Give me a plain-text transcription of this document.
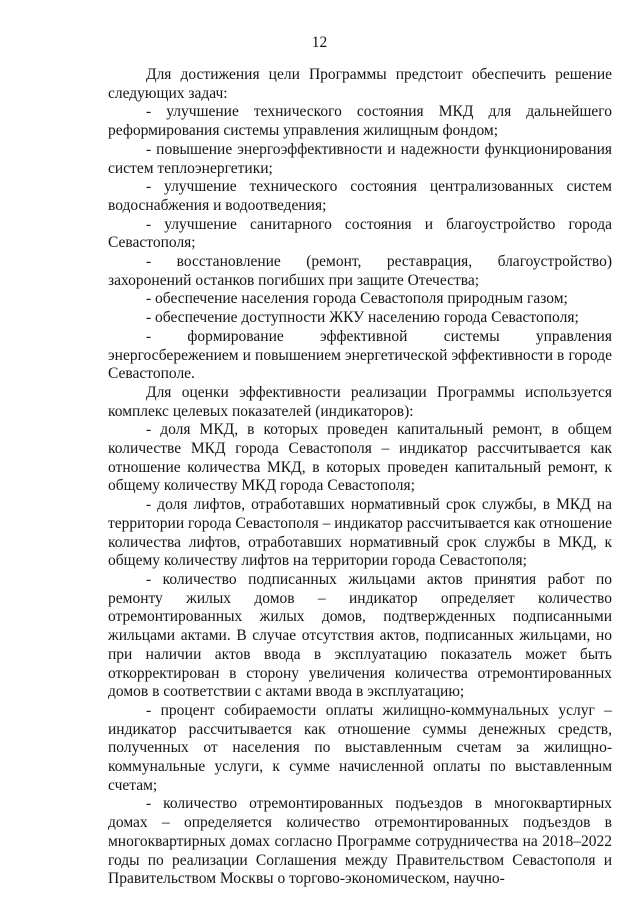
12

Для достижения цели Программы предстоит обеспечить решение следующих задач:

- улучшение технического состояния МКД для дальнейшего реформирования системы управления жилищным фондом;

- повышение энергоэффективности и надежности функционирования систем теплоэнергетики;

- улучшение технического состояния централизованных систем водоснабжения и водоотведения;

- улучшение санитарного состояния и благоустройство города Севастополя;

- восстановление (ремонт, реставрация, благоустройство) захоронений останков погибших при защите Отечества;

- обеспечение населения города Севастополя природным газом;

- обеспечение доступности ЖКУ населению города Севастополя;

- формирование эффективной системы управления энергосбережением и повышением энергетической эффективности в городе Севастополе.

Для оценки эффективности реализации Программы используется комплекс целевых показателей (индикаторов):

- доля МКД, в которых проведен капитальный ремонт, в общем количестве МКД города Севастополя – индикатор рассчитывается как отношение количества МКД, в которых проведен капитальный ремонт, к общему количеству МКД города Севастополя;

- доля лифтов, отработавших нормативный срок службы, в МКД на территории города Севастополя – индикатор рассчитывается как отношение количества лифтов, отработавших нормативный срок службы в МКД, к общему количеству лифтов на территории города Севастополя;

- количество подписанных жильцами актов принятия работ по ремонту жилых домов – индикатор определяет количество отремонтированных жилых домов, подтвержденных подписанными жильцами актами. В случае отсутствия актов, подписанных жильцами, но при наличии актов ввода в эксплуатацию показатель может быть откорректирован в сторону увеличения количества отремонтированных домов в соответствии с актами ввода в эксплуатацию;

- процент собираемости оплаты жилищно-коммунальных услуг – индикатор рассчитывается как отношение суммы денежных средств, полученных от населения по выставленным счетам за жилищно-коммунальные услуги, к сумме начисленной оплаты по выставленным счетам;

- количество отремонтированных подъездов в многоквартирных домах – определяется количество отремонтированных подъездов в многоквартирных домах согласно Программе сотрудничества на 2018–2022 годы по реализации Соглашения между Правительством Севастополя и Правительством Москвы о торгово-экономическом, научно-
